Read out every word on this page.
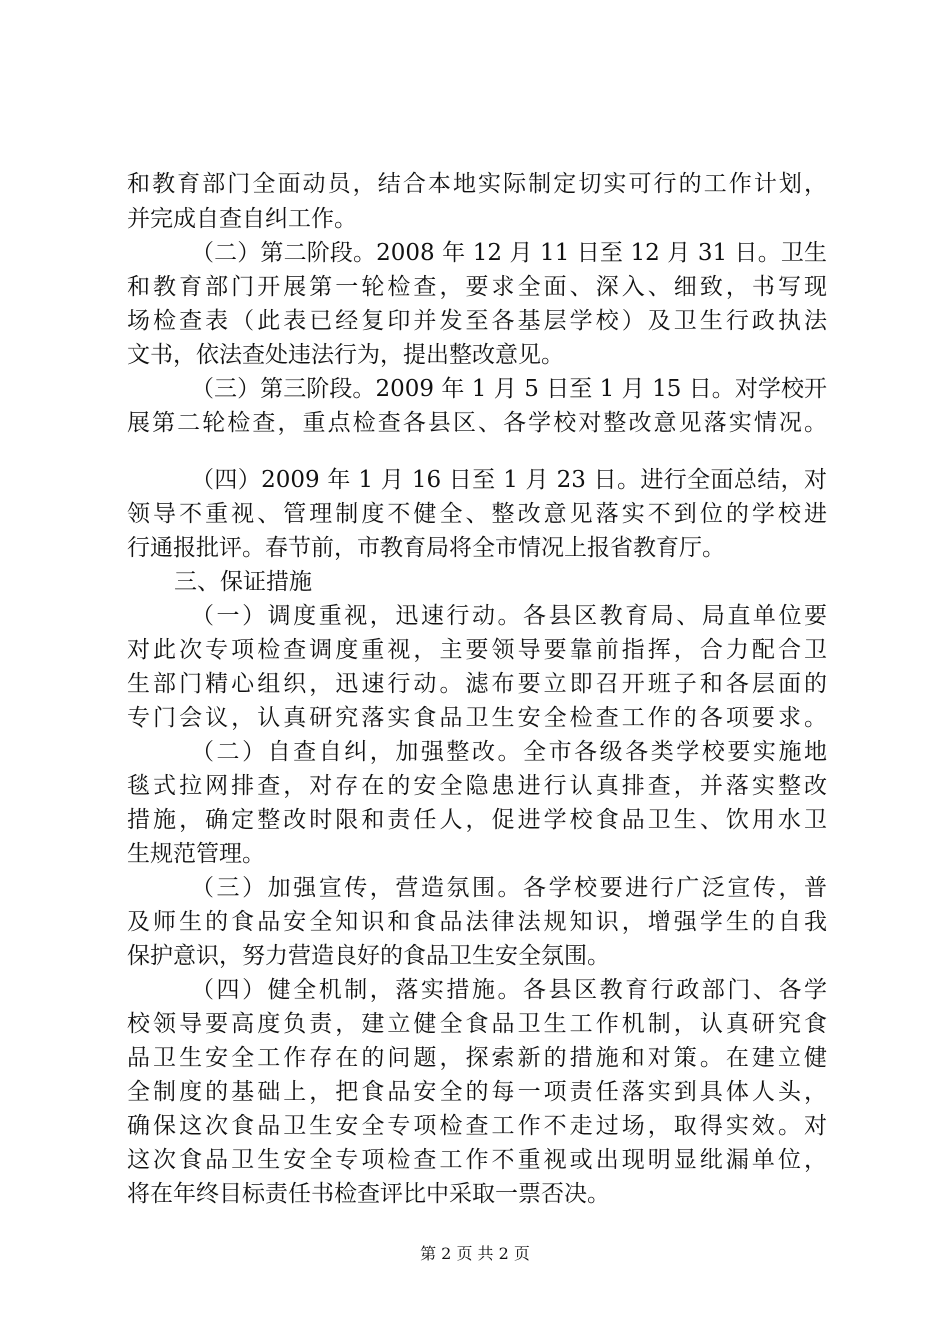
和教育部门全面动员，结合本地实际制定切实可行的工作计划，
并完成自查自纠工作。
（二）第二阶段。2008 年 12 月 11 日至 12 月 31 日。卫生
和教育部门开展第一轮检查，要求全面、深入、细致，书写现
场检查表（此表已经复印并发至各基层学校）及卫生行政执法
文书，依法查处违法行为，提出整改意见。
（三）第三阶段。2009 年 1 月 5 日至 1 月 15 日。对学校开
展第二轮检查，重点检查各县区、各学校对整改意见落实情况。
（四）2009 年 1 月 16 日至 1 月 23 日。进行全面总结，对
领导不重视、管理制度不健全、整改意见落实不到位的学校进
行通报批评。春节前，市教育局将全市情况上报省教育厅。
三、保证措施
（一）调度重视，迅速行动。各县区教育局、局直单位要
对此次专项检查调度重视，主要领导要靠前指挥，合力配合卫
生部门精心组织，迅速行动。滤布要立即召开班子和各层面的
专门会议，认真研究落实食品卫生安全检查工作的各项要求。
（二）自查自纠，加强整改。全市各级各类学校要实施地
毯式拉网排查，对存在的安全隐患进行认真排查，并落实整改
措施，确定整改时限和责任人，促进学校食品卫生、饮用水卫
生规范管理。
（三）加强宣传，营造氛围。各学校要进行广泛宣传，普
及师生的食品安全知识和食品法律法规知识，增强学生的自我
保护意识，努力营造良好的食品卫生安全氛围。
（四）健全机制，落实措施。各县区教育行政部门、各学
校领导要高度负责，建立健全食品卫生工作机制，认真研究食
品卫生安全工作存在的问题，探索新的措施和对策。在建立健
全制度的基础上，把食品安全的每一项责任落实到具体人头，
确保这次食品卫生安全专项检查工作不走过场，取得实效。对
这次食品卫生安全专项检查工作不重视或出现明显纰漏单位，
将在年终目标责任书检查评比中采取一票否决。
第 2 页 共 2 页
